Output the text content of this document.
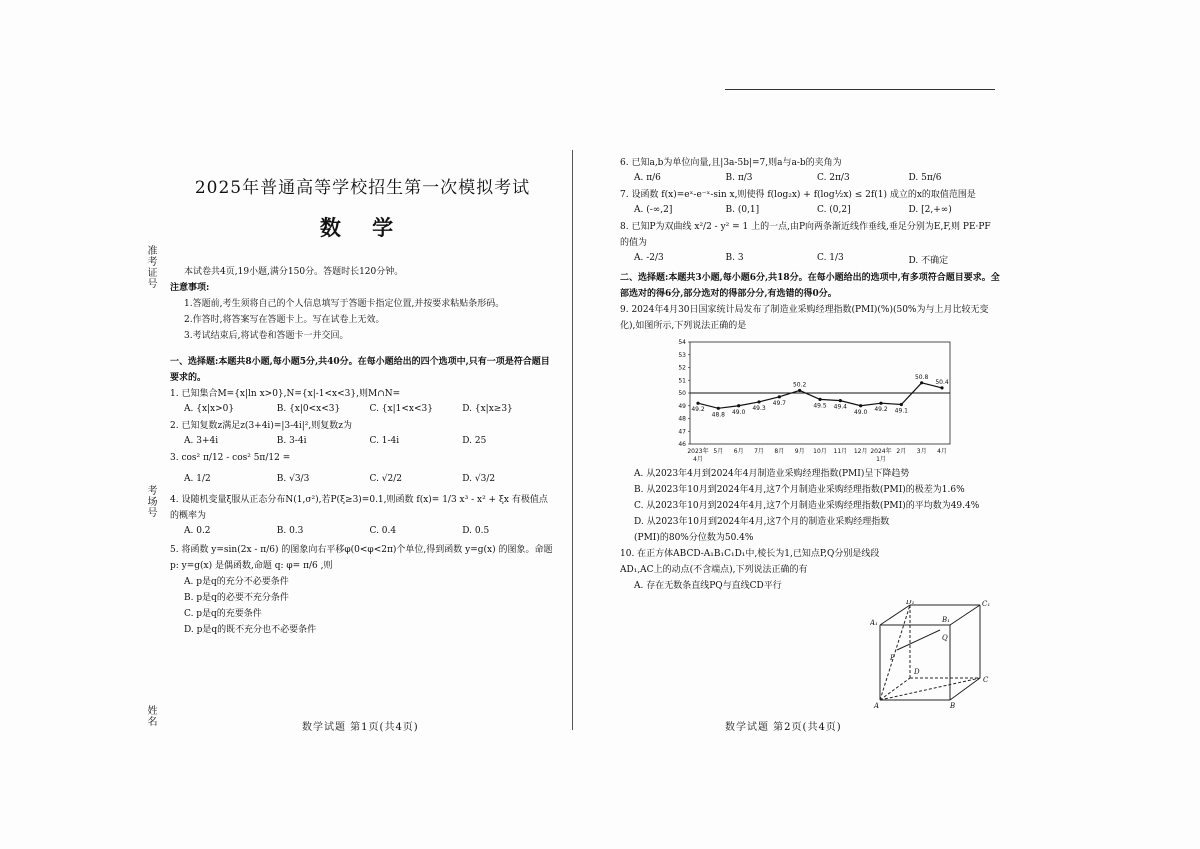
准考证号
考场号
姓名
2025年普通高等学校招生第一次模拟考试
数 学

本试卷共4页,19小题,满分150分。答题时长120分钟。

注意事项:

1.答题前,考生须将自己的个人信息填写于答题卡指定位置,并按要求粘贴条形码。

2.作答时,将答案写在答题卡上。写在试卷上无效。

3.考试结束后,将试卷和答题卡一并交回。

一、选择题:本题共8小题,每小题5分,共40分。在每小题给出的四个选项中,只有一项是符合题目要求的。

1. 已知集合M={x|ln x>0},N={x|-1<x<3},则M∩N=

A. {x|x>0}	B. {x|0<x<3}	C. {x|1<x<3}	D. {x|x≥3}

2. 已知复数z满足z(3+4i)=|3-4i|²,则复数z为

A. 3+4i	B. 3-4i	C. 1-4i	D. 25

3. cos² π/12 - cos² 5π/12 =

A. 1/2	B. √3/3	C. √2/2	D. √3/2

4. 设随机变量ξ服从正态分布N(1,σ²),若P(ξ≥3)=0.1,则函数 f(x)= 1/3 x³ - x² + ξx 有极值点的概率为

A. 0.2	B. 0.3	C. 0.4	D. 0.5

5. 将函数 y=sin(2x - π/6) 的图象向右平移φ(0<φ<2π)个单位,得到函数 y=g(x) 的图象。命题 p: y=g(x) 是偶函数,命题 q: φ= π/6 ,则

A. p是q的充分不必要条件

B. p是q的必要不充分条件

C. p是q的充要条件

D. p是q的既不充分也不必要条件

数学试题 第1页(共4页)

6. 已知a,b为单位向量,且|3a-5b|=7,则a与a-b的夹角为

A. π/6	B. π/3	C. 2π/3	D. 5π/6

7. 设函数 f(x)=eˣ-e⁻ˣ-sin x,则使得 f(log₂x) + f(log½x) ≤ 2f(1) 成立的x的取值范围是

A. (-∞,2]	B. (0,1]	C. (0,2]	D. [2,+∞)

8. 已知P为双曲线 x²/2 - y² = 1 上的一点,由P向两条渐近线作垂线,垂足分别为E,F,则 PE·PF 的值为

A. -2/3	B. 3	C. 1/3	D. 不确定

二、选择题:本题共3小题,每小题6分,共18分。在每小题给出的选项中,有多项符合题目要求。全部选对的得6分,部分选对的得部分分,有选错的得0分。

9. 2024年4月30日国家统计局发布了制造业采购经理指数(PMI)(%)(50%为与上月比较无变化),如图所示,下列说法正确的是

46
47
48
49
50
51
52
53
54
49.2
48.8 49.0
49.3
49.7
50.2
49.5 49.4
49.0 49.2 49.1
50.8
50.4
2023年
4月
5月 6月 7月 8月 9月 10月 11月 12月 2024年
1月
2月 3月 4月

A. 从2023年4月到2024年4月制造业采购经理指数(PMI)呈下降趋势

B. 从2023年10月到2024年4月,这7个月制造业采购经理指数(PMI)的极差为1.6%

C. 从2023年10月到2024年4月,这7个月制造业采购经理指数(PMI)的平均数为49.4%

D. 从2023年10月到2024年4月,这7个月的制造业采购经理指数(PMI)的80%分位数为50.4%

10. 在正方体ABCD-A₁B₁C₁D₁中,棱长为1,已知点P,Q分别是线段AD₁,AC上的动点(不含端点),下列说法正确的有

A. 存在无数条直线PQ与直线CD平行

D₁	C₁
A₁	B₁
Q
P
D
C
A	B
数学试题 第2页(共4页)
